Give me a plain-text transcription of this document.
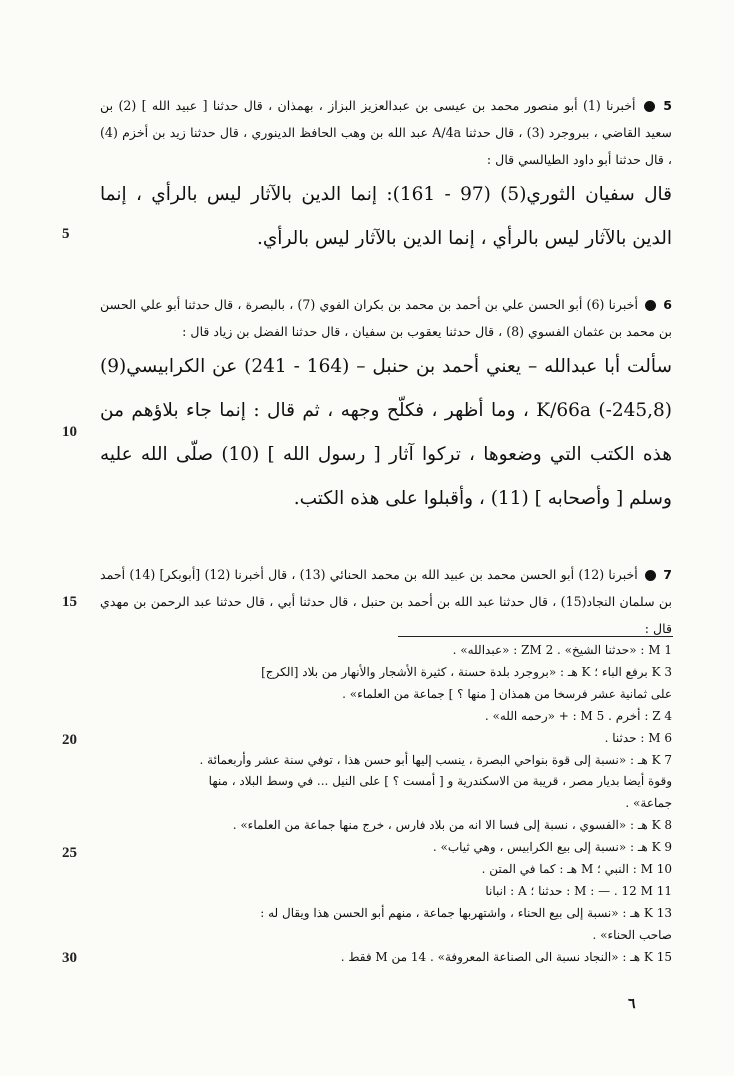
5  أخبرنا (1) أبو منصور محمد بن عيسى بن عبدالعزيز البزاز ، بهمذان ، قال حدثنا [ عبيد الله ] (2) بن سعيد القاضي ، ببروجرد (3) ، قال حدثنا A/4a عبد الله بن وهب الحافظ الدينوري ، قال حدثنا زيد بن أخزم (4) ، قال حدثنا أبو داود الطيالسي قال :

قال سفيان الثوري(5) (97 - 161): إنما الدين بالآثار ليس بالرأي ، إنما الدين بالآثار ليس بالرأي ، إنما الدين بالآثار ليس بالرأي.

6  أخبرنا (6) أبو الحسن علي بن أحمد بن محمد بن بكران الفوي (7) ، بالبصرة ، قال حدثنا أبو علي الحسن بن محمد بن عثمان الفسوي (8) ، قال حدثنا يعقوب بن سفيان ، قال حدثنا الفضل بن زياد قال :

سألت أبا عبدالله – يعني أحمد بن حنبل – (164 - 241) عن الكرابيسي(9) (245,8-) K/66a ، وما أظهر ، فكلّح وجهه ، ثم قال : إنما جاء بلاؤهم من هذه الكتب التي وضعوها ، تركوا آثار [ رسول الله ] (10) صلّى الله عليه وسلم [ وأصحابه ] (11) ، وأقبلوا على هذه الكتب.

7  أخبرنا (12) أبو الحسن محمد بن عبيد الله بن محمد الحنائي (13) ، قال أخبرنا (12) [أبوبكر] (14) أحمد بن سلمان النجاد(15) ، قال حدثنا عبد الله بن أحمد بن حنبل ، قال حدثنا أبي ، قال حدثنا عبد الرحمن بن مهدي قال :

5
10
15
20
25
30

1 M : «حدثنا الشيخ» . 2 ZM : «عبدالله» .

3 K برفع الباء ؛ K هـ : «بروجرد بلدة حسنة ، كثيرة الأشجار والأنهار من بلاد [الكرج]

على ثمانية عشر فرسخا من همذان [ منها ؟ ] جماعة من العلماء» .

4 Z : أخرم . 5 M : + «رحمه الله» .

6 M : حدثنا .

7 K هـ : «نسبة إلى قوة بنواحي البصرة ، ينسب إليها أبو حسن هذا ، توفي سنة عشر وأربعمائة .

وقوة أيضا بديار مصر ، قريبة من الاسكندرية و [ أمست ؟ ] على النيل ... في وسط البلاد ، منها

جماعة» .

8 K هـ : «الفسوي ، نسبة إلى فسا الا انه من بلاد فارس ، خرج منها جماعة من العلماء» .

9 K هـ : «نسبة إلى بيع الكرابيس ، وهي ثياب» .

10 M : النبي ؛ M هـ : كما في المتن .

11 M : — . 12 M : حدثنا ؛ A : انبانا

13 K هـ : «نسبة إلى بيع الحناء ، واشتهربها جماعة ، منهم أبو الحسن هذا ويقال له :

صاحب الحناء» .

15 K هـ : «النجاد نسبة الى الصناعة المعروفة» . 14 من M فقط .

٦
